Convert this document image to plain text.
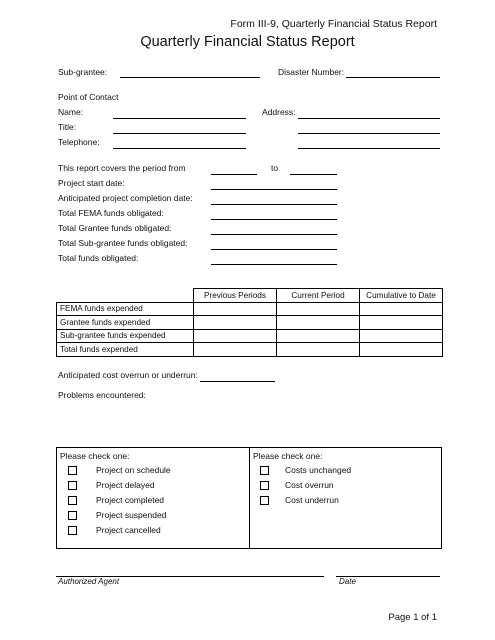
Form III-9, Quarterly Financial Status Report
Quarterly Financial Status Report
Sub-grantee:	Disaster Number:
Point of Contact
Name:	Address:
Title:
Telephone:
This report covers the period from	to
Project start date:
Anticipated project completion date:
Total FEMA funds obligated:
Total Grantee funds obligated:
Total Sub-grantee funds obligated:
Total funds obligated:
	Previous Periods	Current Period	Cumulative to Date
FEMA funds expended			
Grantee funds expended			
Sub-grantee funds expended			
Total funds expended			
Anticipated cost overrun or underrun:
Problems encountered:
Please check one:
Project on schedule
Project delayed
Project completed
Project suspended
Project cancelled
Please check one:
Costs unchanged
Cost overrun
Cost underrun
Authorized Agent	Date
Page 1 of 1
